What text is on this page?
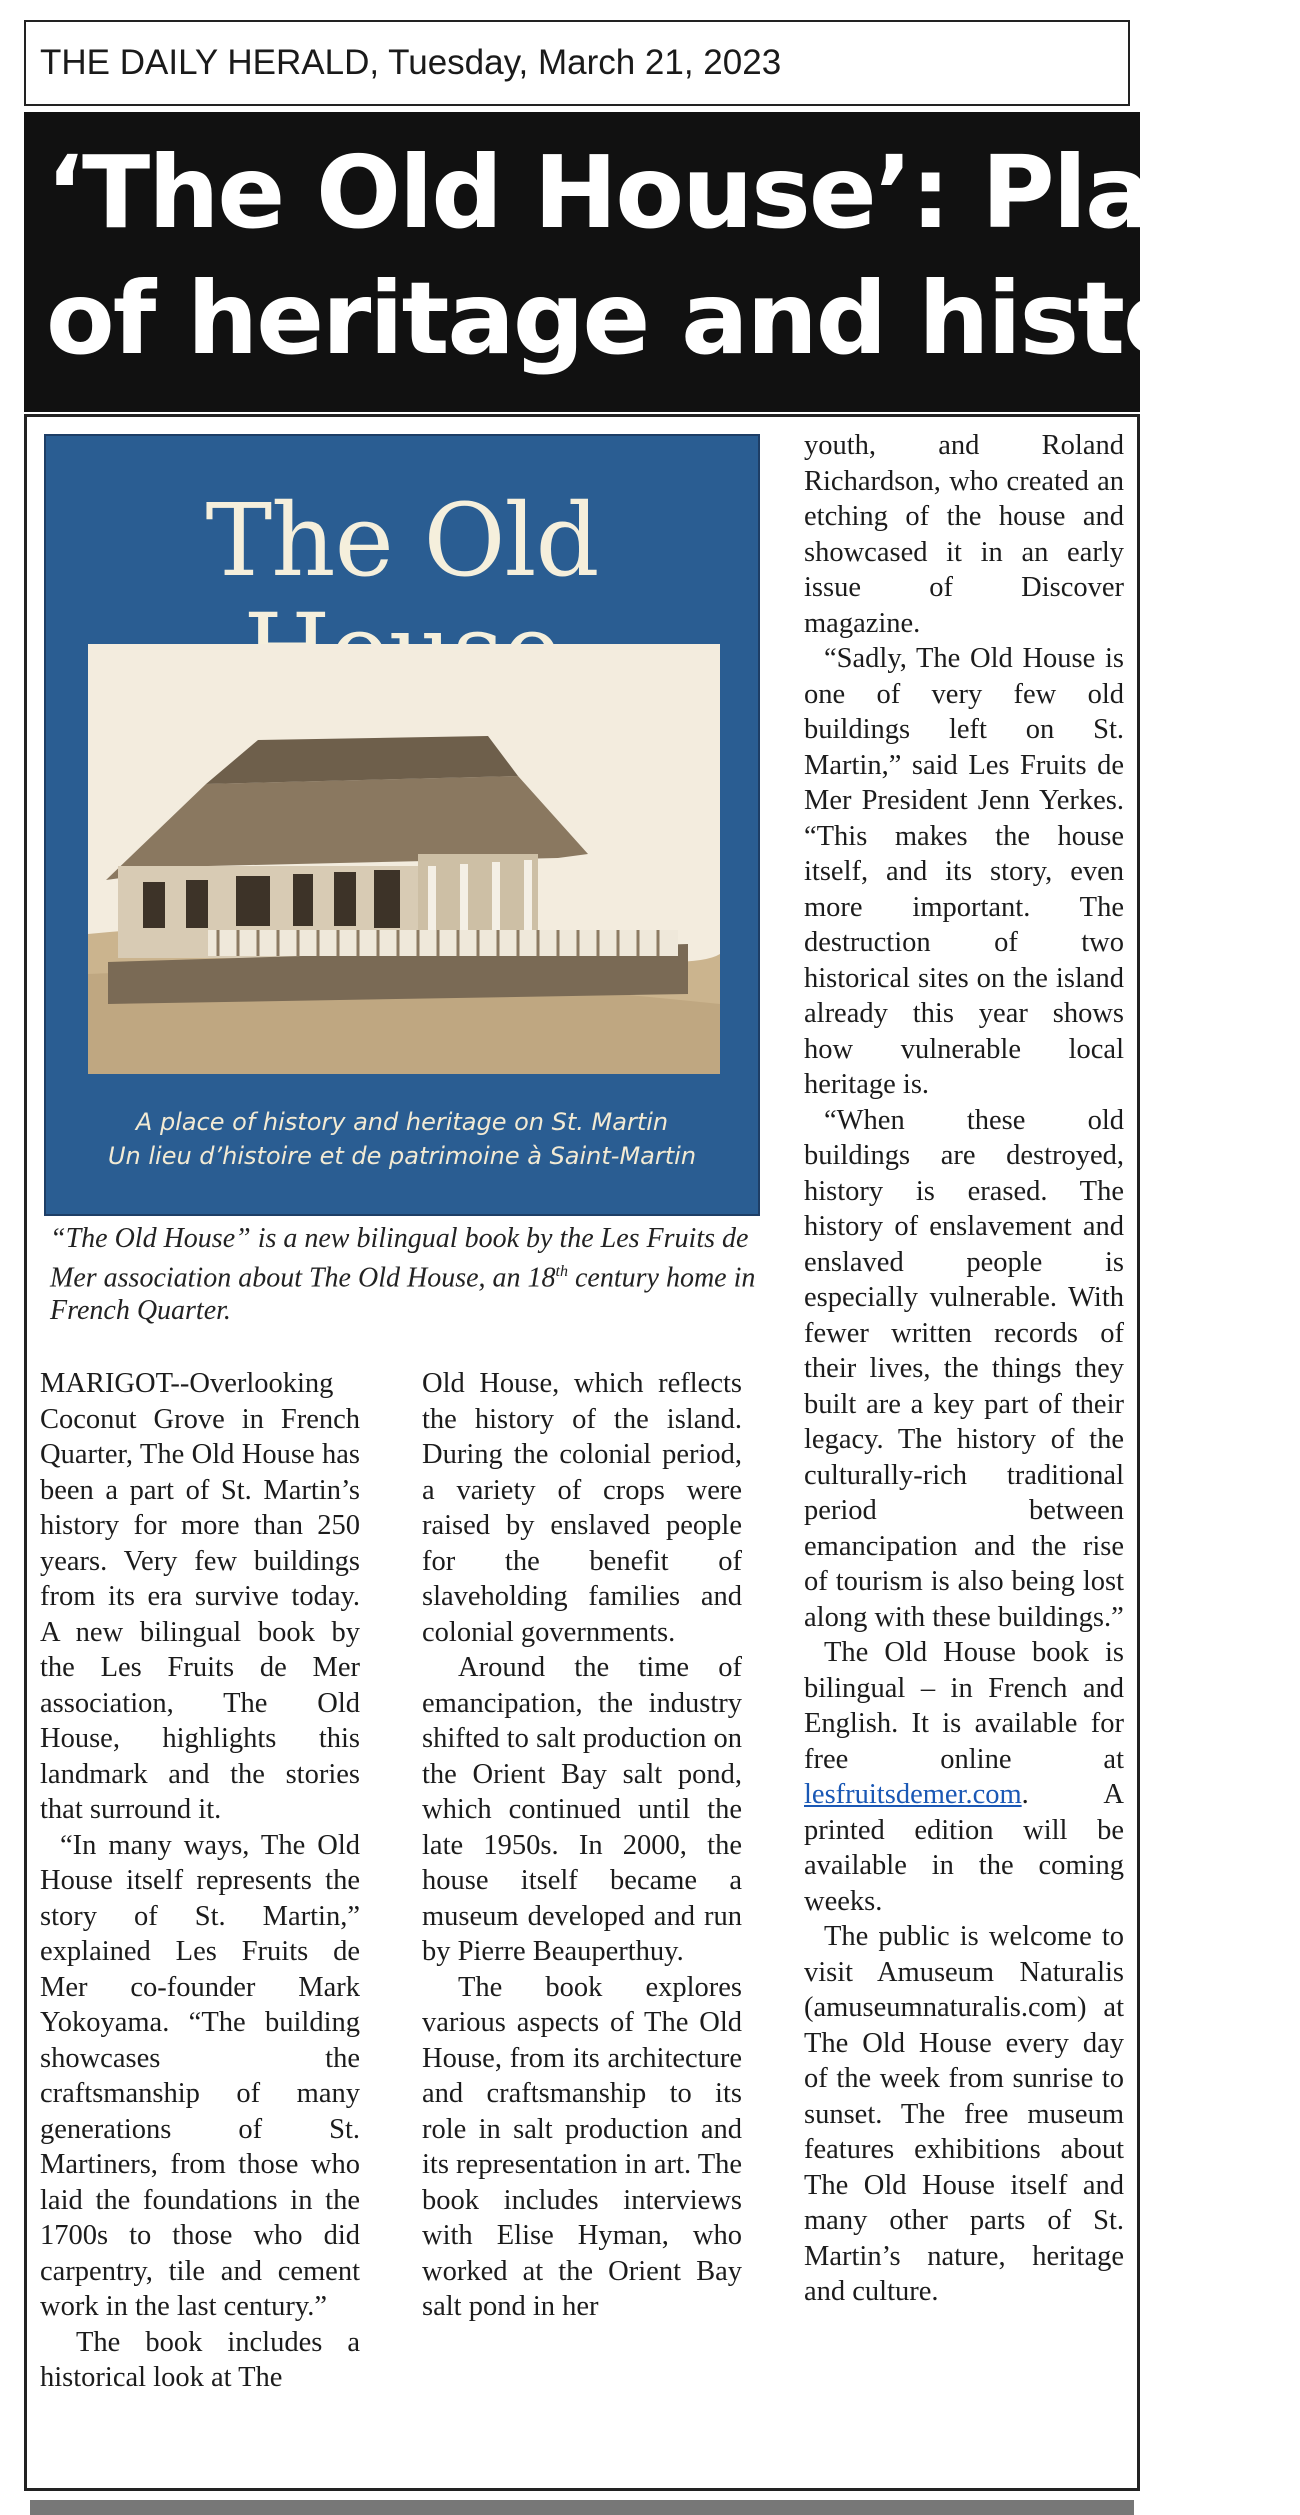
THE DAILY HERALD, Tuesday, March 21, 2023
‘The Old House’: Place
of heritage and history
The Old
A place of history and heritage on St. Martin
Un lieu d’histoire et de patrimoine à Saint-Martin
“The Old House” is a new bilingual book by the Les Fruits de Mer association about The Old House, an 18th century home in French Quarter.

MARIGOT--Overlooking Coconut Grove in French Quarter, The Old House has been a part of St. Martin’s history for more than 250 years. Very few buildings from its era survive today. A new bilingual book by the Les Fruits de Mer association, The Old House, highlights this landmark and the stories that surround it.

“In many ways, The Old House itself represents the story of St. Martin,” explained Les Fruits de Mer co-founder Mark Yokoyama. “The building showcases the craftsmanship of many generations of St. Martiners, from those who laid the foundations in the 1700s to those who did carpentry, tile and cement work in the last century.”

The book includes a historical look at The

Old House, which reflects the history of the island. During the colonial period, a variety of crops were raised by enslaved people for the benefit of slaveholding families and colonial governments.

Around the time of emancipation, the industry shifted to salt production on the Orient Bay salt pond, which continued until the late 1950s. In 2000, the house itself became a museum developed and run by Pierre Beauperthuy.

The book explores various aspects of The Old House, from its architecture and craftsmanship to its role in salt production and its representation in art. The book includes interviews with Elise Hyman, who worked at the Orient Bay salt pond in her

youth, and Roland Richardson, who created an etching of the house and showcased it in an early issue of Discover magazine.

“Sadly, The Old House is one of very few old buildings left on St. Martin,” said Les Fruits de Mer President Jenn Yerkes. “This makes the house itself, and its story, even more important. The destruction of two historical sites on the island already this year shows how vulnerable local heritage is.

“When these old buildings are destroyed, history is erased. The history of enslavement and enslaved people is especially vulnerable. With fewer written records of their lives, the things they built are a key part of their legacy. The history of the culturally-rich traditional period between emancipation and the rise of tourism is also being lost along with these buildings.”

The Old House book is bilingual – in French and English. It is available for free online at lesfruitsdemer.com. A printed edition will be available in the coming weeks.

The public is welcome to visit Amuseum Naturalis (amuseumnaturalis.com) at The Old House every day of the week from sunrise to sunset. The free museum features exhibitions about The Old House itself and many other parts of St. Martin’s nature, heritage and culture.
